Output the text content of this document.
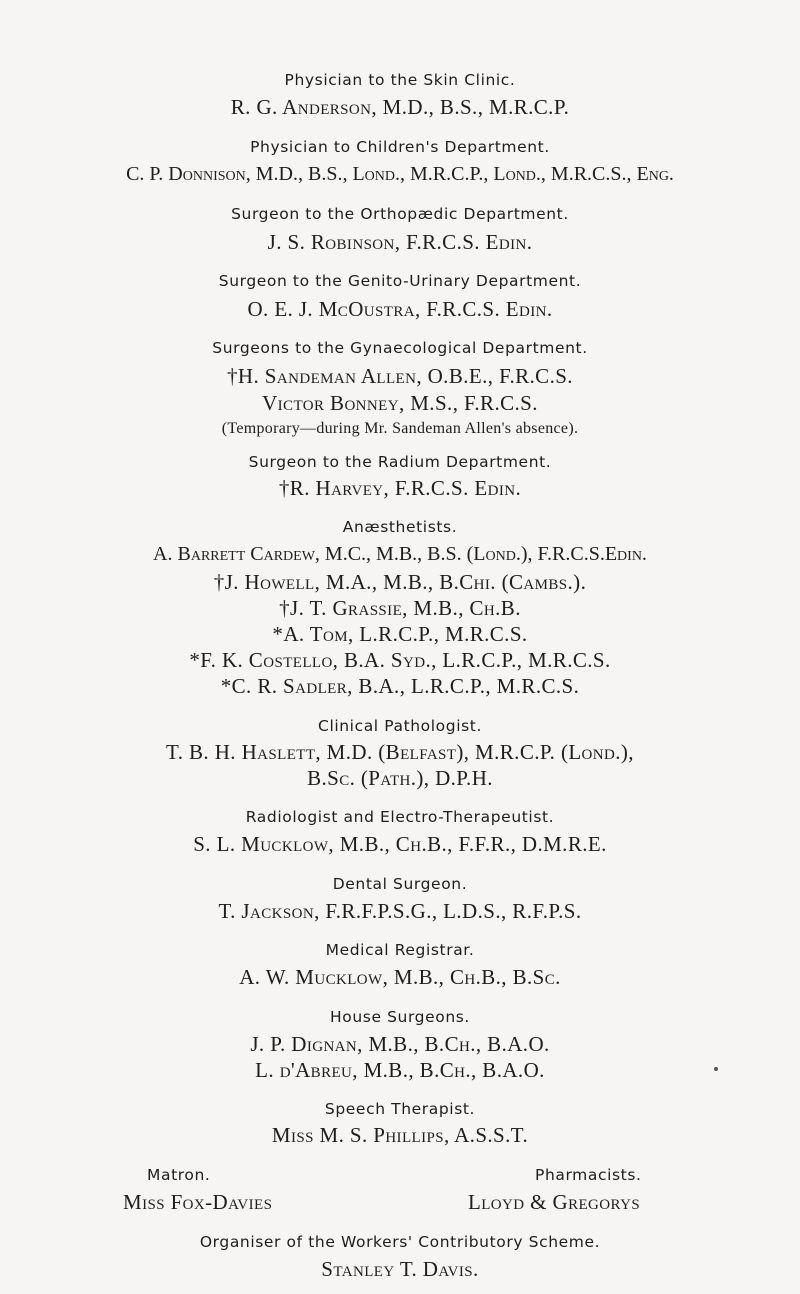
Physician to the Skin Clinic.
R. G. Anderson, M.D., B.S., M.R.C.P.
Physician to Children's Department.
C. P. Donnison, M.D., B.S., Lond., M.R.C.P., Lond., M.R.C.S., Eng.
Surgeon to the Orthopædic Department.
J. S. Robinson, F.R.C.S. Edin.
Surgeon to the Genito-Urinary Department.
O. E. J. McOustra, F.R.C.S. Edin.
Surgeons to the Gynaecological Department.
†H. Sandeman Allen, O.B.E., F.R.C.S.
Victor Bonney, M.S., F.R.C.S.
(Temporary—during Mr. Sandeman Allen's absence).
Surgeon to the Radium Department.
†R. Harvey, F.R.C.S. Edin.
Anæsthetists.
A. Barrett Cardew, M.C., M.B., B.S. (Lond.), F.R.C.S.Edin.
†J. Howell, M.A., M.B., B.Chi. (Cambs.).
†J. T. Grassie, M.B., Ch.B.
*A. Tom, L.R.C.P., M.R.C.S.
*F. K. Costello, B.A. Syd., L.R.C.P., M.R.C.S.
*C. R. Sadler, B.A., L.R.C.P., M.R.C.S.
Clinical Pathologist.
T. B. H. Haslett, M.D. (Belfast), M.R.C.P. (Lond.),
B.Sc. (Path.), D.P.H.
Radiologist and Electro-Therapeutist.
S. L. Mucklow, M.B., Ch.B., F.F.R., D.M.R.E.
Dental Surgeon.
T. Jackson, F.R.F.P.S.G., L.D.S., R.F.P.S.
Medical Registrar.
A. W. Mucklow, M.B., Ch.B., B.Sc.
House Surgeons.
J. P. Dignan, M.B., B.Ch., B.A.O.
L. d'Abreu, M.B., B.Ch., B.A.O.
Speech Therapist.
Miss M. S. Phillips, A.S.S.T.
Matron.	Pharmacists.
Miss Fox-Davies	Lloyd & Gregorys
Organiser of the Workers' Contributory Scheme.
Stanley T. Davis.
